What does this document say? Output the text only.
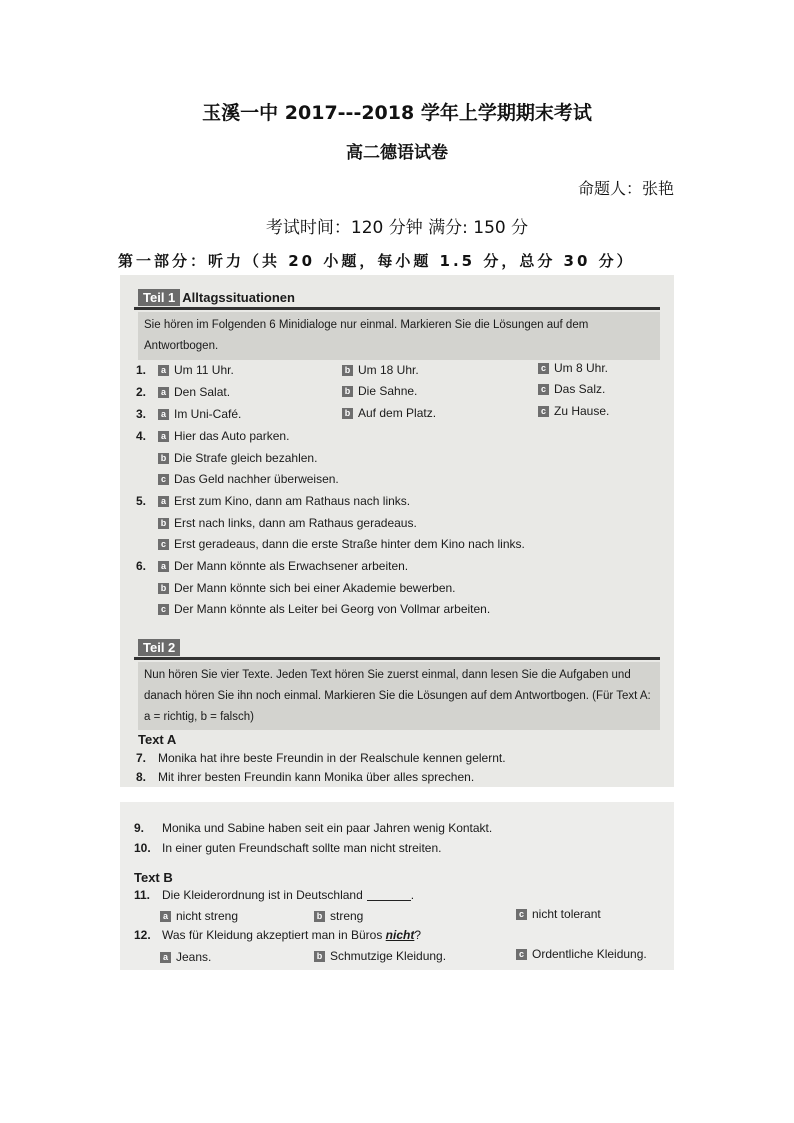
玉溪一中 2017---2018 学年上学期期末考试
高二德语试卷
命题人：张艳
考试时间：120 分钟 满分: 150 分
第一部分：听力（共 20 小题，每小题 1.5 分，总分 30 分）
Teil 1 Alltagssituationen
Sie hören im Folgenden 6 Minidialoge nur einmal. Markieren Sie die Lösungen auf dem Antwortbogen.
1.	a Um 11 Uhr.	b Um 18 Uhr.	c Um 8 Uhr.
2.	a Den Salat.	b Die Sahne.	c Das Salz.
3.	a Im Uni-Café.	b Auf dem Platz.	c Zu Hause.
4.	a Hier das Auto parken.
b Die Strafe gleich bezahlen.
c Das Geld nachher überweisen.
5.	a Erst zum Kino, dann am Rathaus nach links.
b Erst nach links, dann am Rathaus geradeaus.
c Erst geradeaus, dann die erste Straße hinter dem Kino nach links.
6.	a Der Mann könnte als Erwachsener arbeiten.
b Der Mann könnte sich bei einer Akademie bewerben.
c Der Mann könnte als Leiter bei Georg von Vollmar arbeiten.
Teil 2
Nun hören Sie vier Texte. Jeden Text hören Sie zuerst einmal, dann lesen Sie die Aufgaben und danach hören Sie ihn noch einmal. Markieren Sie die Lösungen auf dem Antwortbogen. (Für Text A: a = richtig, b = falsch)
Text A
7. Monika hat ihre beste Freundin in der Realschule kennen gelernt.
8. Mit ihrer besten Freundin kann Monika über alles sprechen.
9.	Monika und Sabine haben seit ein paar Jahren wenig Kontakt.
10. In einer guten Freundschaft sollte man nicht streiten.
Text B
11. Die Kleiderordnung ist in Deutschland	.
a nicht streng	b streng	c nicht tolerant
12. Was für Kleidung akzeptiert man in Büros
nicht ?
a Jeans.	b Schmutzige Kleidung.	c Ordentliche Kleidung.
